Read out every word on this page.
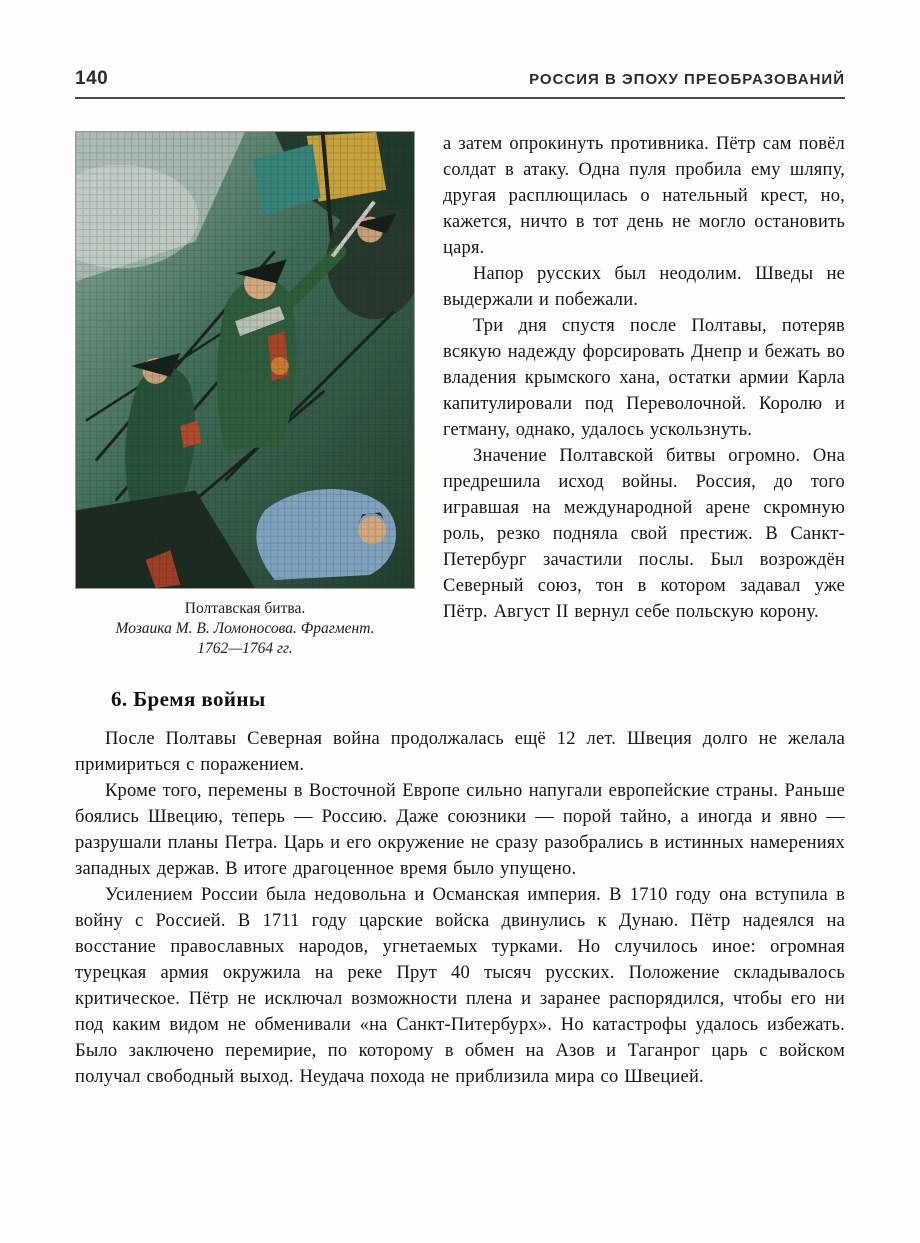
140	РОССИЯ В ЭПОХУ ПРЕОБРАЗОВАНИЙ
Полтавская битва.
Мозаика М. В. Ломоносова. Фрагмент.
1762—1764 гг.

а затем опрокинуть противника. Пётр сам повёл солдат в атаку. Одна пуля пробила ему шляпу, другая расплющилась о нательный крест, но, кажется, ничто в тот день не могло остановить царя.

Напор русских был неодолим. Шведы не выдержали и побежали.

Три дня спустя после Полтавы, потеряв всякую надежду форсировать Днепр и бежать во владения крымского хана, остатки армии Карла капитулировали под Переволочной. Королю и гетману, однако, удалось ускользнуть.

Значение Полтавской битвы огромно. Она предрешила исход войны. Россия, до того игравшая на международной арене скромную роль, резко подняла свой престиж. В Санкт-Петербург зачастили послы. Был возрождён Северный союз, тон в котором задавал уже Пётр. Август II вернул себе польскую корону.

6. Бремя войны

После Полтавы Северная война продолжалась ещё 12 лет. Швеция долго не желала примириться с поражением.

Кроме того, перемены в Восточной Европе сильно напугали европейские страны. Раньше боялись Швецию, теперь — Россию. Даже союзники — порой тайно, а иногда и явно — разрушали планы Петра. Царь и его окружение не сразу разобрались в истинных намерениях западных держав. В итоге драгоценное время было упущено.

Усилением России была недовольна и Османская империя. В 1710 году она вступила в войну с Россией. В 1711 году царские войска двинулись к Дунаю. Пётр надеялся на восстание православных народов, угнетаемых турками. Но случилось иное: огромная турецкая армия окружила на реке Прут 40 тысяч русских. Положение складывалось критическое. Пётр не исключал возможности плена и заранее распорядился, чтобы его ни под каким видом не обменивали «на Санкт-Питербурх». Но катастрофы удалось избежать. Было заключено перемирие, по которому в обмен на Азов и Таганрог царь с войском получал свободный выход. Неудача похода не приблизила мира со Швецией.
